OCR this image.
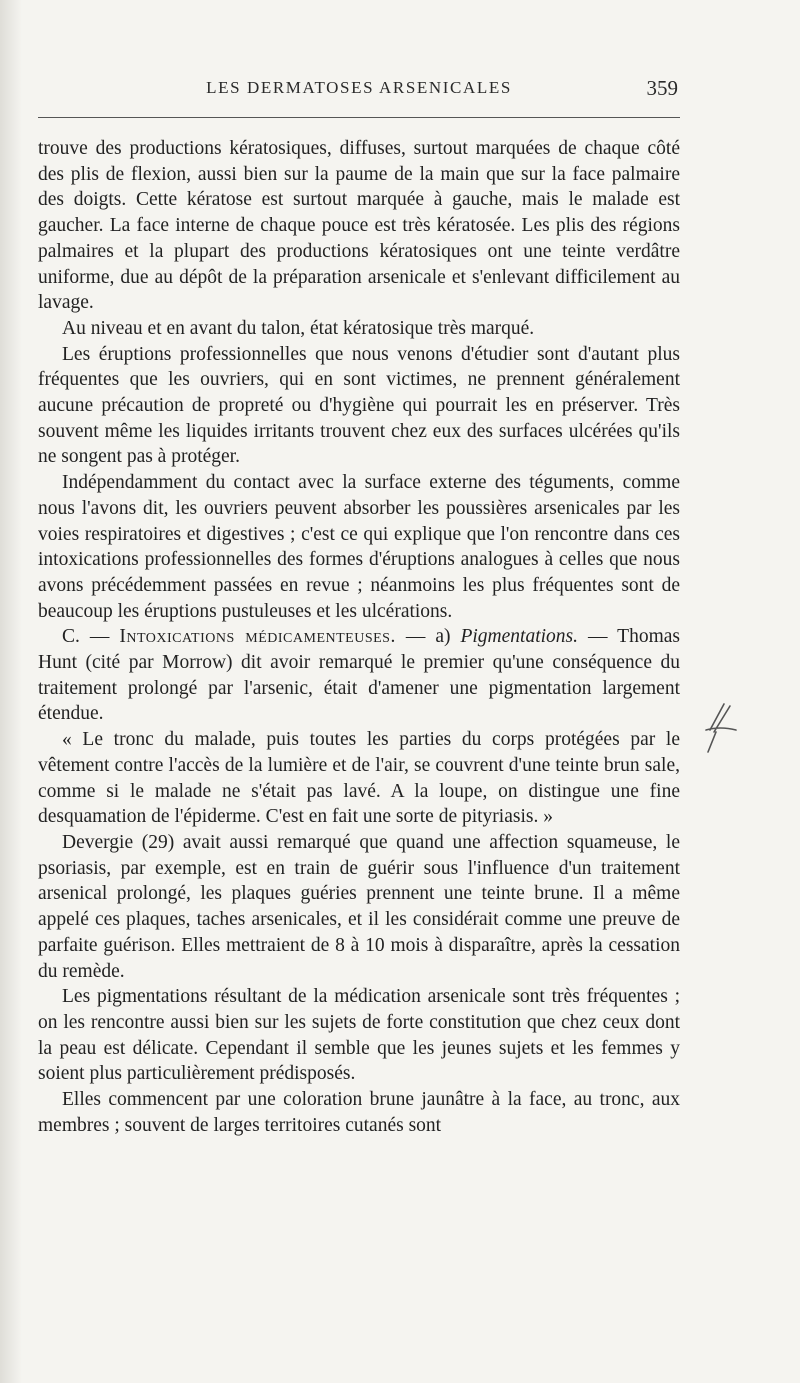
LES DERMATOSES ARSENICALES	359

trouve des productions kératosiques, diffuses, surtout marquées de chaque côté des plis de flexion, aussi bien sur la paume de la main que sur la face palmaire des doigts. Cette kératose est surtout marquée à gauche, mais le malade est gaucher. La face interne de chaque pouce est très kératosée. Les plis des régions palmaires et la plupart des productions kératosiques ont une teinte verdâtre uniforme, due au dépôt de la préparation arsenicale et s'enlevant difficilement au lavage.

Au niveau et en avant du talon, état kératosique très marqué.

Les éruptions professionnelles que nous venons d'étudier sont d'autant plus fréquentes que les ouvriers, qui en sont victimes, ne prennent généralement aucune précaution de propreté ou d'hygiène qui pourrait les en préserver. Très souvent même les liquides irritants trouvent chez eux des surfaces ulcérées qu'ils ne songent pas à protéger.

Indépendamment du contact avec la surface externe des téguments, comme nous l'avons dit, les ouvriers peuvent absorber les poussières arsenicales par les voies respiratoires et digestives ; c'est ce qui explique que l'on rencontre dans ces intoxications professionnelles des formes d'éruptions analogues à celles que nous avons précédemment passées en revue ; néanmoins les plus fréquentes sont de beaucoup les éruptions pustuleuses et les ulcérations.

C. — Intoxications médicamenteuses. — a) Pigmentations. — Thomas Hunt (cité par Morrow) dit avoir remarqué le premier qu'une conséquence du traitement prolongé par l'arsenic, était d'amener une pigmentation largement étendue.

« Le tronc du malade, puis toutes les parties du corps protégées par le vêtement contre l'accès de la lumière et de l'air, se couvrent d'une teinte brun sale, comme si le malade ne s'était pas lavé. A la loupe, on distingue une fine desquamation de l'épiderme. C'est en fait une sorte de pityriasis. »

Devergie (29) avait aussi remarqué que quand une affection squameuse, le psoriasis, par exemple, est en train de guérir sous l'influence d'un traitement arsenical prolongé, les plaques guéries prennent une teinte brune. Il a même appelé ces plaques, taches arsenicales, et il les considérait comme une preuve de parfaite guérison. Elles mettraient de 8 à 10 mois à disparaître, après la cessation du remède.

Les pigmentations résultant de la médication arsenicale sont très fréquentes ; on les rencontre aussi bien sur les sujets de forte constitution que chez ceux dont la peau est délicate. Cependant il semble que les jeunes sujets et les femmes y soient plus particulièrement prédisposés.

Elles commencent par une coloration brune jaunâtre à la face, au tronc, aux membres ; souvent de larges territoires cutanés sont
